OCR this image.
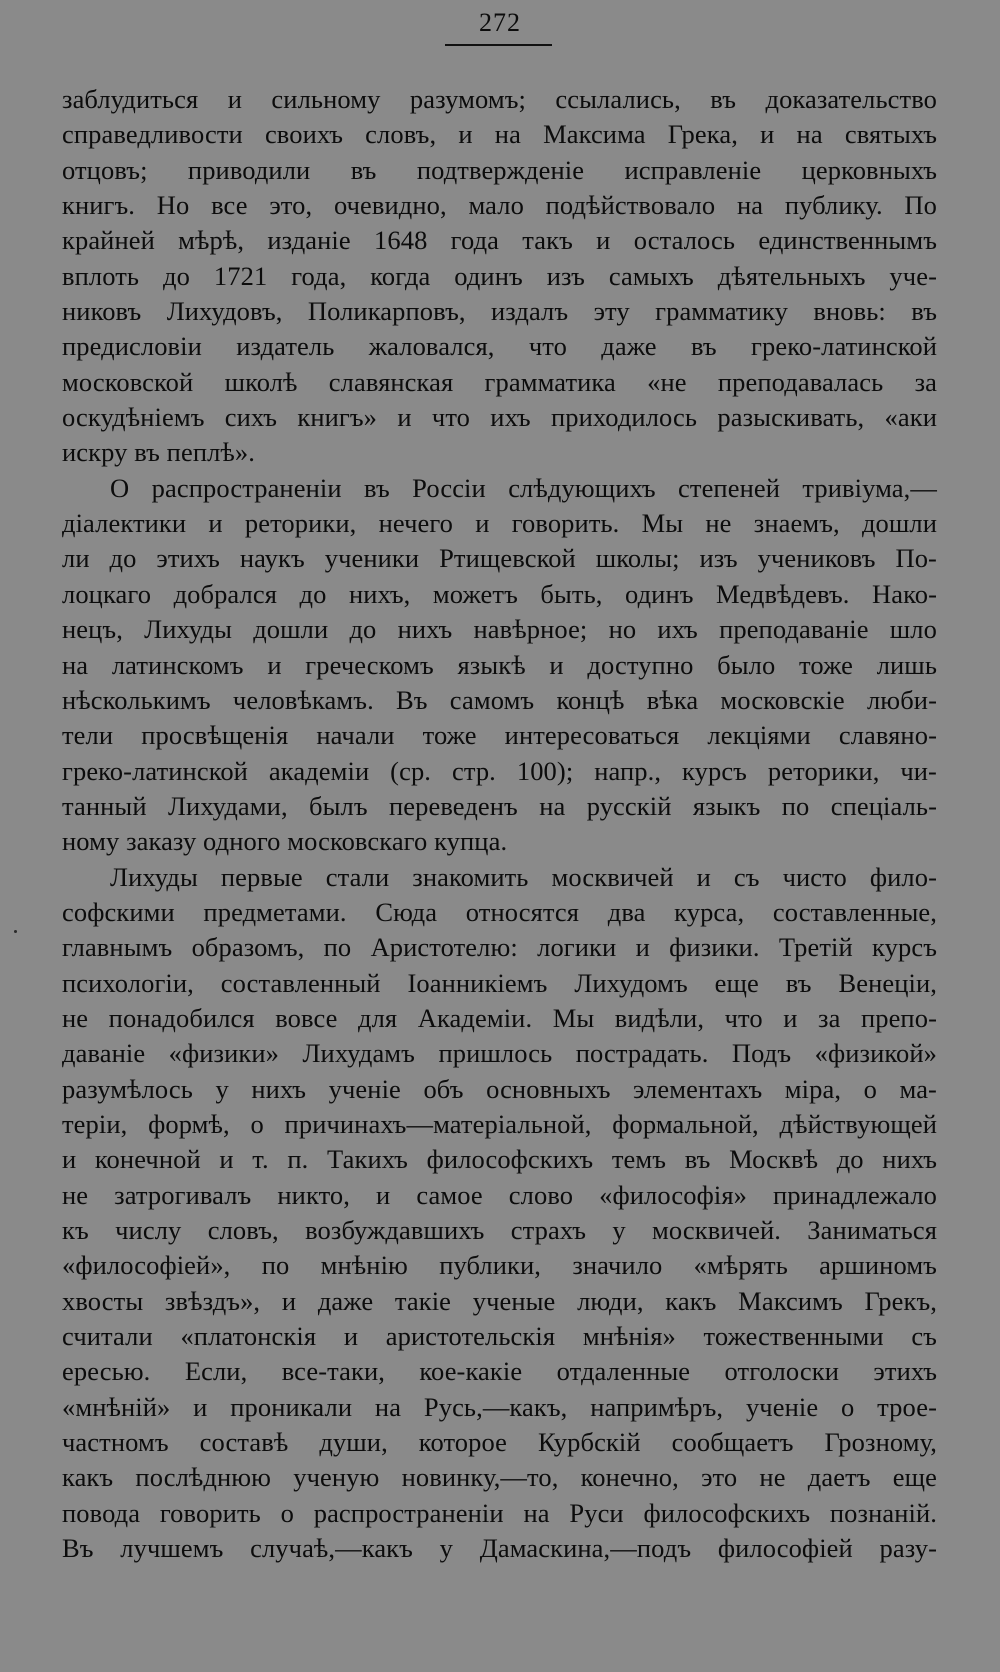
272
заблудиться и сильному разумомъ; ссылались, въ доказательство
справедливости своихъ словъ, и на Максима Грека, и на святыхъ
отцовъ; приводили въ подтвержденіе исправленіе церковныхъ
книгъ. Но все это, очевидно, мало подѣйствовало на публику. По
крайней мѣрѣ, изданіе 1648 года такъ и осталось единственнымъ
вплоть до 1721 года, когда одинъ изъ самыхъ дѣятельныхъ уче-
никовъ Лихудовъ, Поликарповъ, издалъ эту грамматику вновь: въ
предисловіи издатель жаловался, что даже въ греко-латинской
московской школѣ славянская грамматика «не преподавалась за
оскудѣніемъ сихъ книгъ» и что ихъ приходилось разыскивать, «аки
искру въ пеплѣ».
О распространеніи въ Россіи слѣдующихъ степеней тривіума,—
діалектики и реторики, нечего и говорить. Мы не знаемъ, дошли
ли до этихъ наукъ ученики Ртищевской школы; изъ учениковъ По-
лоцкаго добрался до нихъ, можетъ быть, одинъ Медвѣдевъ. Нако-
нецъ, Лихуды дошли до нихъ навѣрное; но ихъ преподаваніе шло
на латинскомъ и греческомъ языкѣ и доступно было тоже лишь
нѣсколькимъ человѣкамъ. Въ самомъ концѣ вѣка московскіе люби-
тели просвѣщенія начали тоже интересоваться лекціями славяно-
греко-латинской академіи (ср. стр. 100); напр., курсъ реторики, чи-
танный Лихудами, былъ переведенъ на русскій языкъ по спеціаль-
ному заказу одного московскаго купца.
Лихуды первые стали знакомить москвичей и съ чисто фило-
софскими предметами. Сюда относятся два курса, составленные,
главнымъ образомъ, по Аристотелю: логики и физики. Третій курсъ
психологіи, составленный Іоанникіемъ Лихудомъ еще въ Венеціи,
не понадобился вовсе для Академіи. Мы видѣли, что и за препо-
даваніе «физики» Лихудамъ пришлось пострадать. Подъ «физикой»
разумѣлось у нихъ ученіе объ основныхъ элементахъ міра, о ма-
теріи, формѣ, о причинахъ—матеріальной, формальной, дѣйствующей
и конечной и т. п. Такихъ философскихъ темъ въ Москвѣ до нихъ
не затрогивалъ никто, и самое слово «философія» принадлежало
къ числу словъ, возбуждавшихъ страхъ у москвичей. Заниматься
«философіей», по мнѣнію публики, значило «мѣрять аршиномъ
хвосты звѣздъ», и даже такіе ученые люди, какъ Максимъ Грекъ,
считали «платонскія и аристотельскія мнѣнія» тожественными съ
ересью. Если, все-таки, кое-какіе отдаленные отголоски этихъ
«мнѣній» и проникали на Русь,—какъ, напримѣръ, ученіе о трое-
частномъ составѣ души, которое Курбскій сообщаетъ Грозному,
какъ послѣднюю ученую новинку,—то, конечно, это не даетъ еще
повода говорить о распространеніи на Руси философскихъ познаній.
Въ лучшемъ случаѣ,—какъ у Дамаскина,—подъ философіей разу-
